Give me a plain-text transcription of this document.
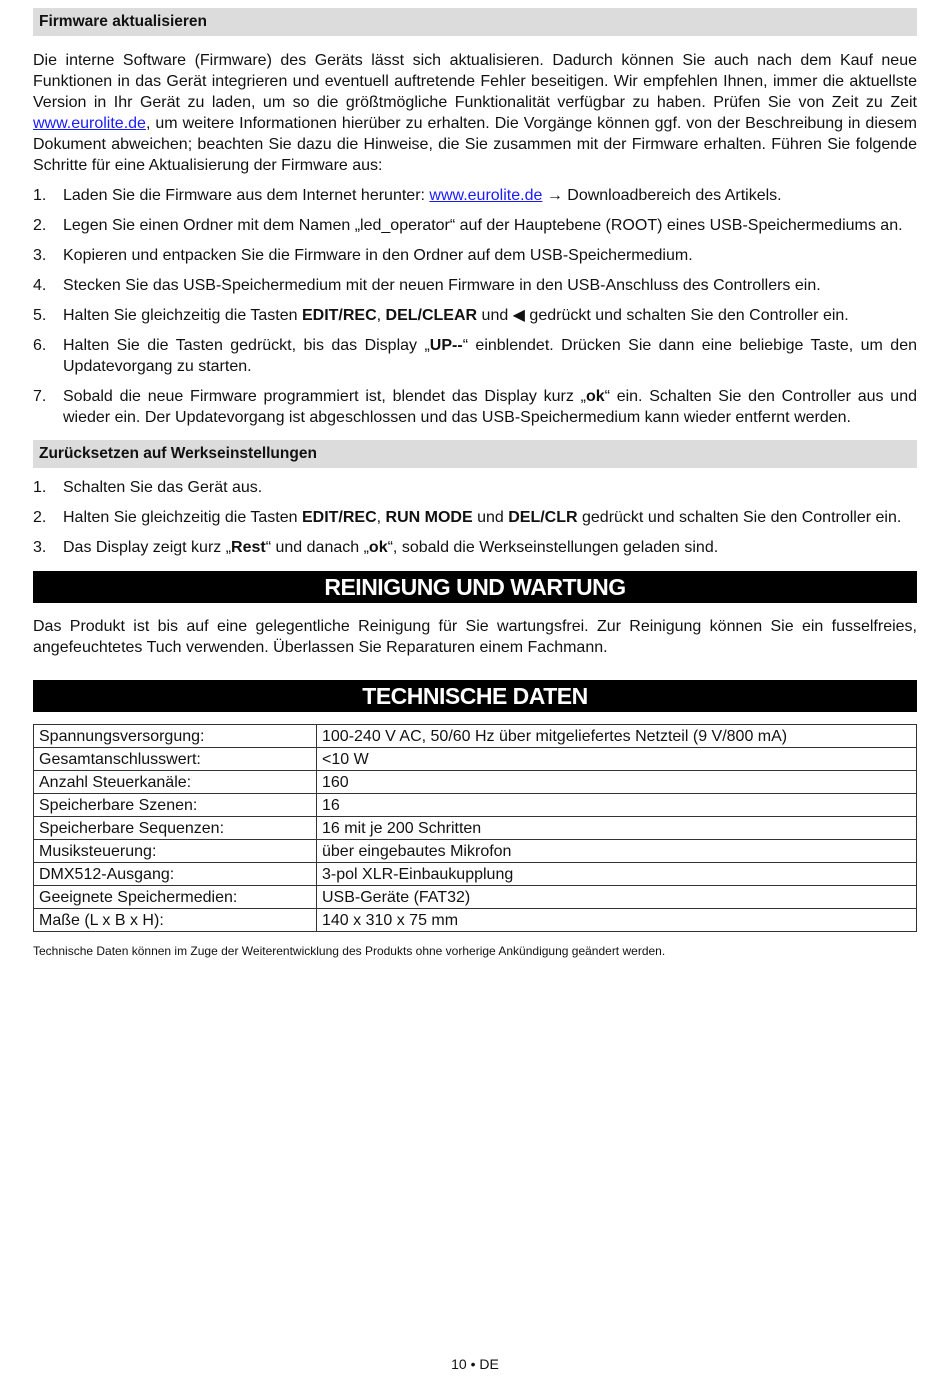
Firmware aktualisieren

Die interne Software (Firmware) des Geräts lässt sich aktualisieren. Dadurch können Sie auch nach dem Kauf neue Funktionen in das Gerät integrieren und eventuell auftretende Fehler beseitigen. Wir empfehlen Ihnen, immer die aktuellste Version in Ihr Gerät zu laden, um so die größtmögliche Funktionalität verfügbar zu haben. Prüfen Sie von Zeit zu Zeit www.eurolite.de, um weitere Informationen hierüber zu erhalten. Die Vorgänge können ggf. von der Beschreibung in diesem Dokument abweichen; beachten Sie dazu die Hinweise, die Sie zusammen mit der Firmware erhalten. Führen Sie folgende Schritte für eine Aktualisierung der Firmware aus:

1. Laden Sie die Firmware aus dem Internet herunter: www.eurolite.de → Downloadbereich des Artikels.
2. Legen Sie einen Ordner mit dem Namen „led_operator“ auf der Hauptebene (ROOT) eines USB-Speichermediums an.
3. Kopieren und entpacken Sie die Firmware in den Ordner auf dem USB-Speichermedium.
4. Stecken Sie das USB-Speichermedium mit der neuen Firmware in den USB-Anschluss des Controllers ein.
5. Halten Sie gleichzeitig die Tasten EDIT/REC, DEL/CLEAR und ◀ gedrückt und schalten Sie den Controller ein.
6. Halten Sie die Tasten gedrückt, bis das Display „UP--“ einblendet. Drücken Sie dann eine beliebige Taste, um den Updatevorgang zu starten.
7. Sobald die neue Firmware programmiert ist, blendet das Display kurz „ok“ ein. Schalten Sie den Controller aus und wieder ein. Der Updatevorgang ist abgeschlossen und das USB-Speichermedium kann wieder entfernt werden.
Zurücksetzen auf Werkseinstellungen
1. Schalten Sie das Gerät aus.
2. Halten Sie gleichzeitig die Tasten EDIT/REC, RUN MODE und DEL/CLR gedrückt und schalten Sie den Controller ein.
3. Das Display zeigt kurz „Rest“ und danach „ok“, sobald die Werkseinstellungen geladen sind.
REINIGUNG UND WARTUNG

Das Produkt ist bis auf eine gelegentliche Reinigung für Sie wartungsfrei. Zur Reinigung können Sie ein fusselfreies, angefeuchtetes Tuch verwenden. Überlassen Sie Reparaturen einem Fachmann.

TECHNISCHE DATEN
Spannungsversorgung:	100-240 V AC, 50/60 Hz über mitgeliefertes Netzteil (9 V/800 mA)
Gesamtanschlusswert:	<10 W
Anzahl Steuerkanäle:	160
Speicherbare Szenen:	16
Speicherbare Sequenzen:	16 mit je 200 Schritten
Musiksteuerung:	über eingebautes Mikrofon
DMX512-Ausgang:	3-pol XLR-Einbaukupplung
Geeignete Speichermedien:	USB-Geräte (FAT32)
Maße (L x B x H):	140 x 310 x 75 mm
Technische Daten können im Zuge der Weiterentwicklung des Produkts ohne vorherige Ankündigung geändert werden.
10 • DE
